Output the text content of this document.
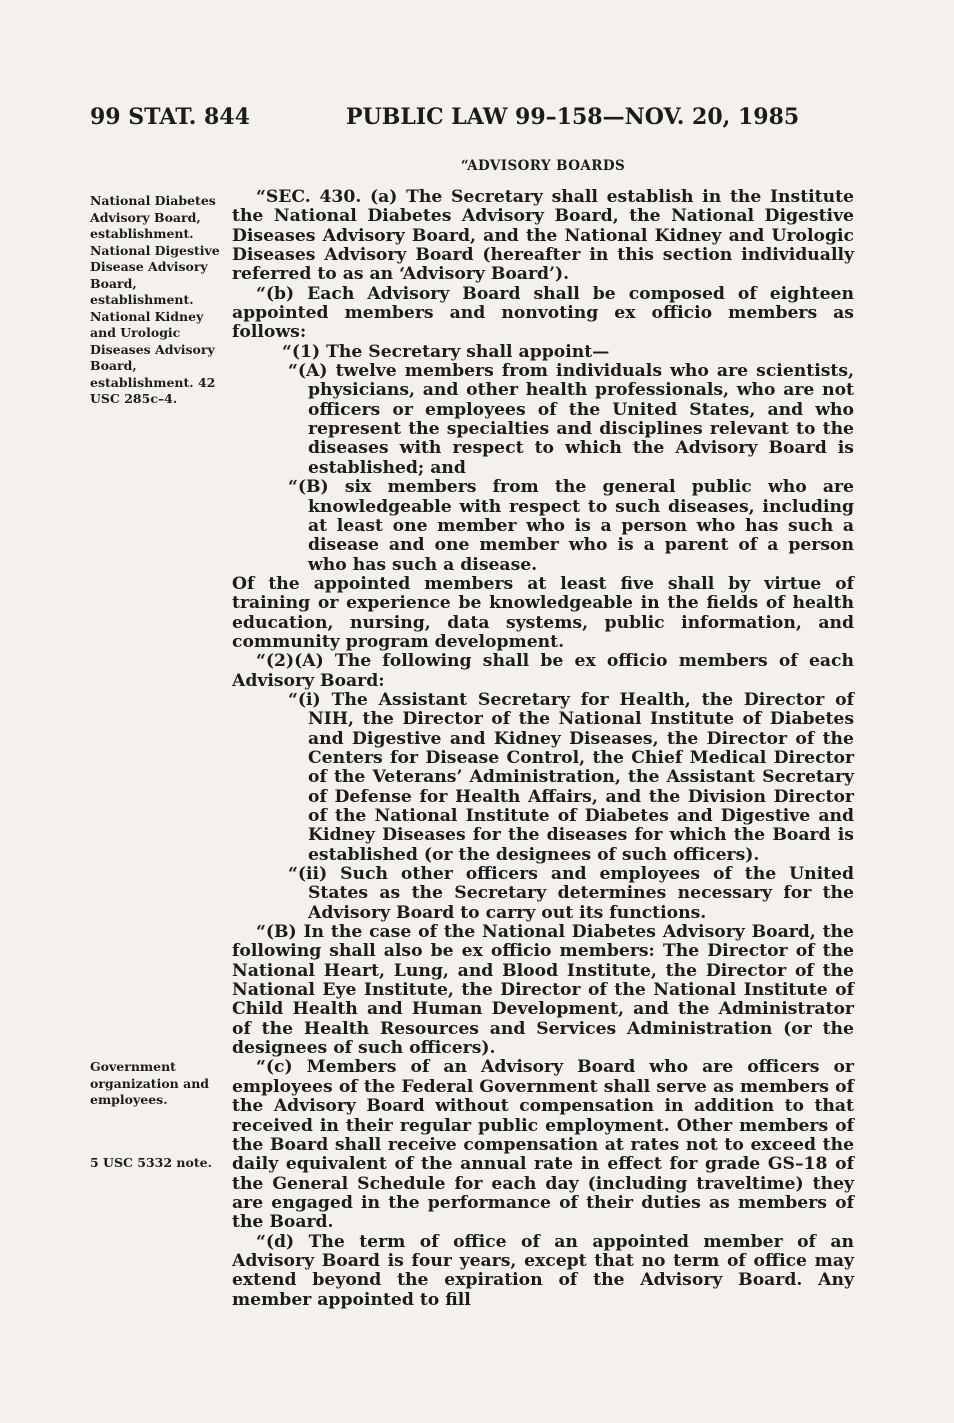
99 STAT. 844	PUBLIC LAW 99–158—NOV. 20, 1985
“ADVISORY BOARDS
National Diabetes Advisory Board, establishment. National Digestive Disease Advisory Board, establishment. National Kidney and Urologic Diseases Advisory Board, establishment. 42 USC 285c–4.
Government organization and employees.
5 USC 5332 note.

“SEC. 430. (a) The Secretary shall establish in the Institute the National Diabetes Advisory Board, the National Digestive Diseases Advisory Board, and the National Kidney and Urologic Diseases Advisory Board (hereafter in this section individually referred to as an ‘Advisory Board’).

“(b) Each Advisory Board shall be composed of eighteen appointed members and nonvoting ex officio members as follows:

“(1) The Secretary shall appoint—

“(A) twelve members from individuals who are scientists, physicians, and other health professionals, who are not officers or employees of the United States, and who represent the specialties and disciplines relevant to the diseases with respect to which the Advisory Board is established; and

“(B) six members from the general public who are knowledgeable with respect to such diseases, including at least one member who is a person who has such a disease and one member who is a parent of a person who has such a disease.

Of the appointed members at least five shall by virtue of training or experience be knowledgeable in the fields of health education, nursing, data systems, public information, and community program development.

“(2)(A) The following shall be ex officio members of each Advisory Board:

“(i) The Assistant Secretary for Health, the Director of NIH, the Director of the National Institute of Diabetes and Digestive and Kidney Diseases, the Director of the Centers for Disease Control, the Chief Medical Director of the Veterans’ Administration, the Assistant Secretary of Defense for Health Affairs, and the Division Director of the National Institute of Diabetes and Digestive and Kidney Diseases for the diseases for which the Board is established (or the designees of such officers).

“(ii) Such other officers and employees of the United States as the Secretary determines necessary for the Advisory Board to carry out its functions.

“(B) In the case of the National Diabetes Advisory Board, the following shall also be ex officio members: The Director of the National Heart, Lung, and Blood Institute, the Director of the National Eye Institute, the Director of the National Institute of Child Health and Human Development, and the Administrator of the Health Resources and Services Administration (or the designees of such officers).

“(c) Members of an Advisory Board who are officers or employees of the Federal Government shall serve as members of the Advisory Board without compensation in addition to that received in their regular public employment. Other members of the Board shall receive compensation at rates not to exceed the daily equivalent of the annual rate in effect for grade GS–18 of the General Schedule for each day (including traveltime) they are engaged in the performance of their duties as members of the Board.

“(d) The term of office of an appointed member of an Advisory Board is four years, except that no term of office may extend beyond the expiration of the Advisory Board. Any member appointed to fill
